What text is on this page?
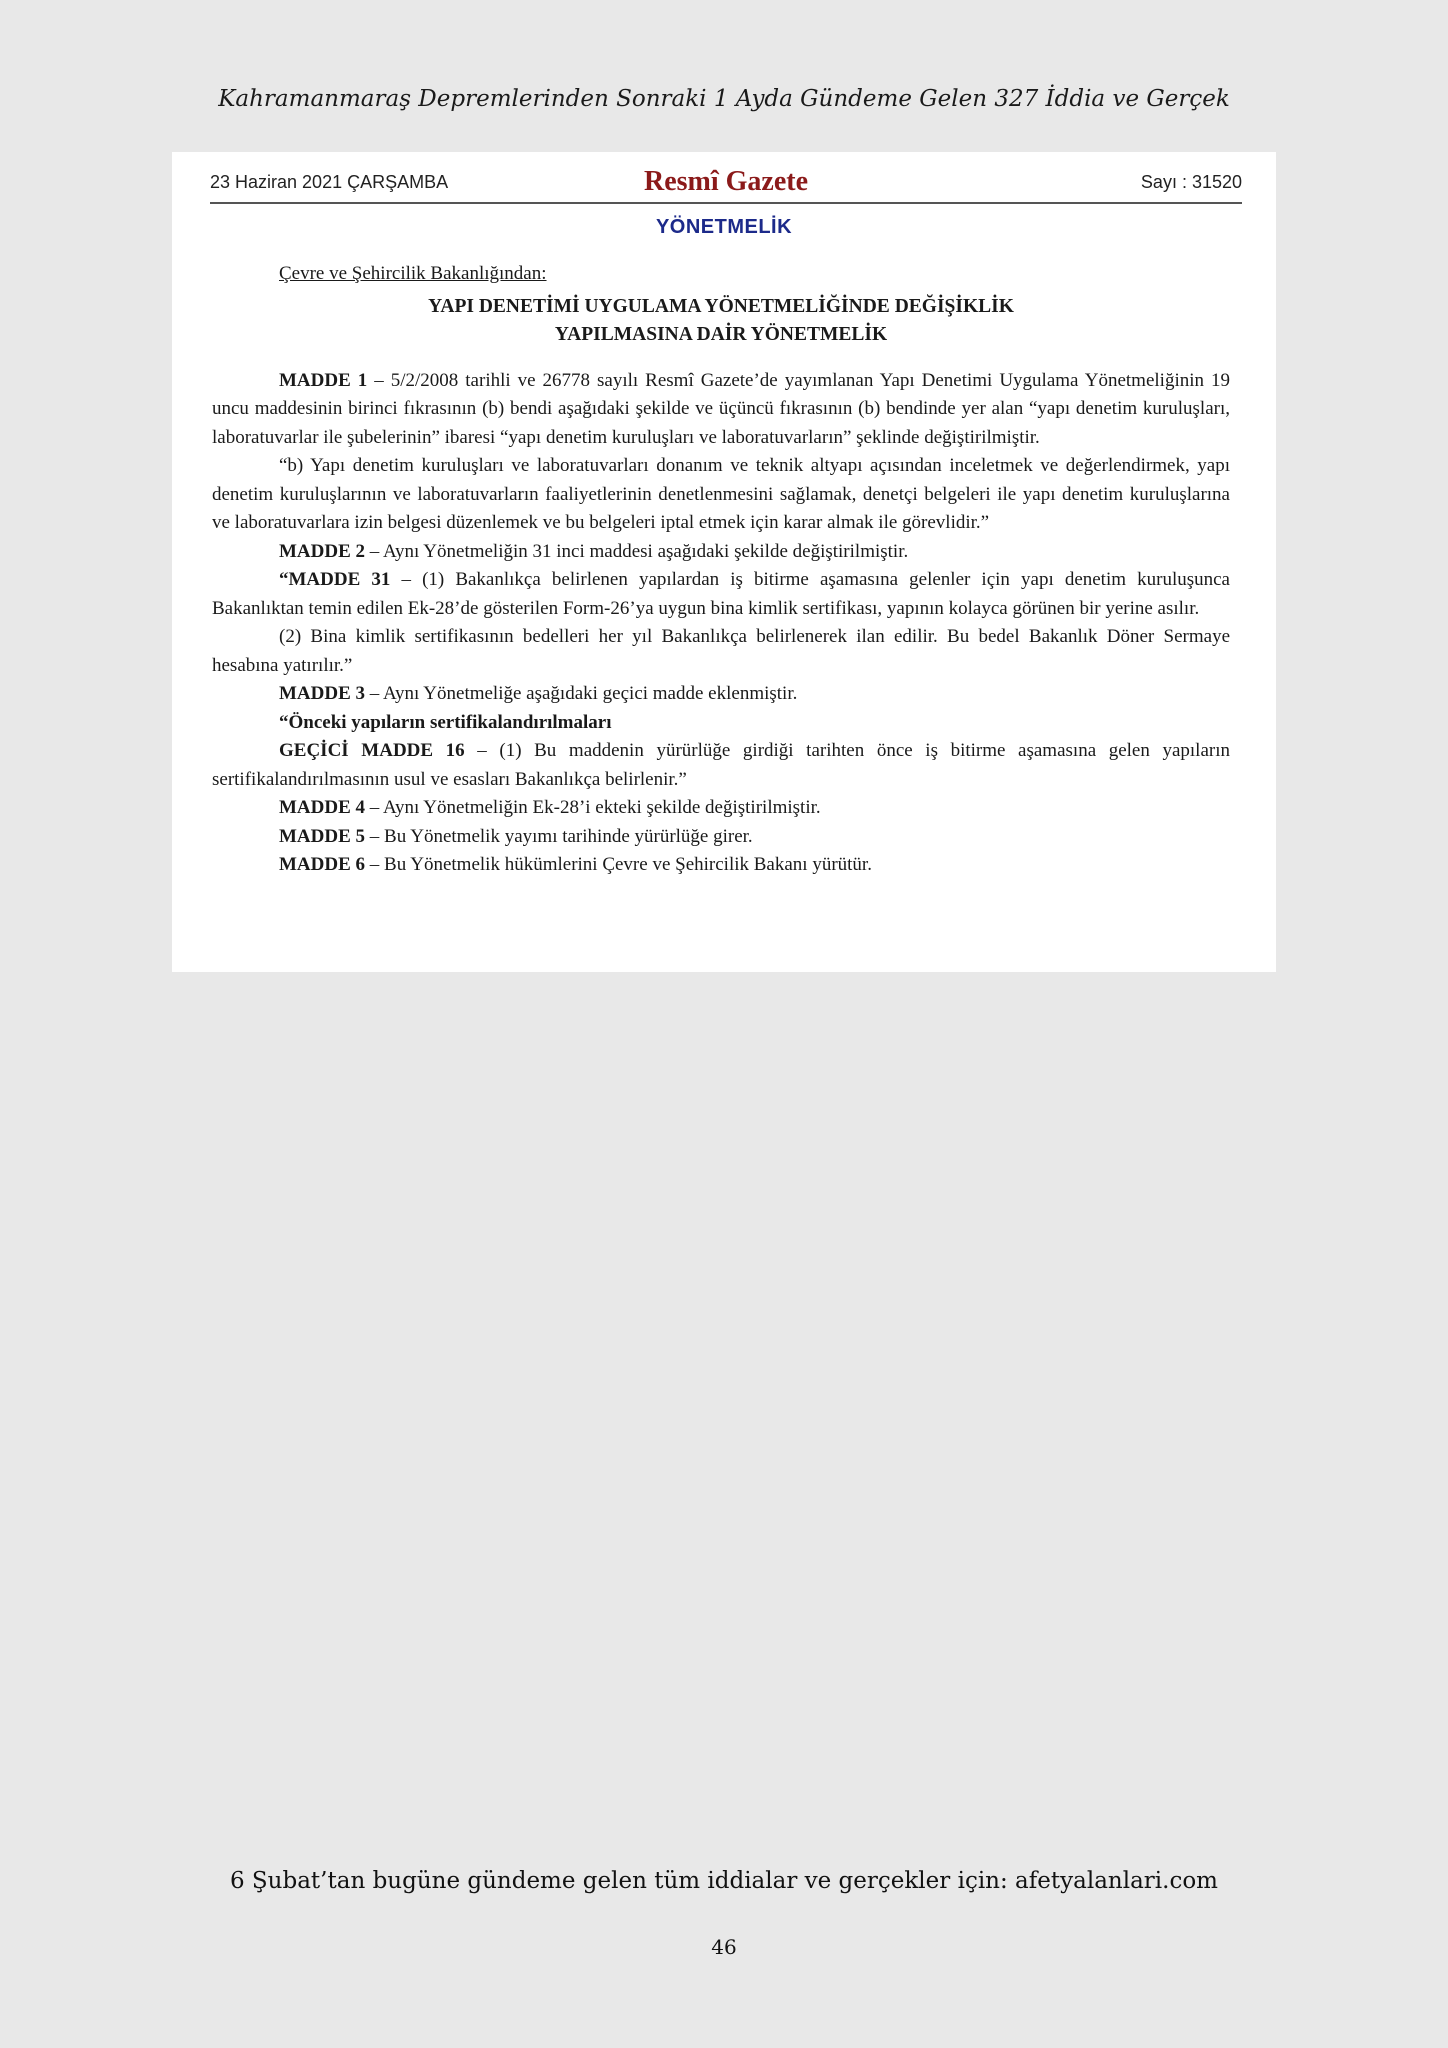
Kahramanmaraş Depremlerinden Sonraki 1 Ayda Gündeme Gelen 327 İddia ve Gerçek
23 Haziran 2021 ÇARŞAMBA	Resmî Gazete	Sayı : 31520
YÖNETMELİK
Çevre ve Şehircilik Bakanlığından:
YAPI DENETİMİ UYGULAMA YÖNETMELİĞİNDE DEĞİŞİKLİK
YAPILMASINA DAİR YÖNETMELİK

MADDE 1 – 5/2/2008 tarihli ve 26778 sayılı Resmî Gazete’de yayımlanan Yapı Denetimi Uygulama Yönetmeliğinin 19 uncu maddesinin birinci fıkrasının (b) bendi aşağıdaki şekilde ve üçüncü fıkrasının (b) bendinde yer alan “yapı denetim kuruluşları, laboratuvarlar ile şubelerinin” ibaresi “yapı denetim kuruluşları ve laboratuvarların” şeklinde değiştirilmiştir.

“b) Yapı denetim kuruluşları ve laboratuvarları donanım ve teknik altyapı açısından inceletmek ve değerlendirmek, yapı denetim kuruluşlarının ve laboratuvarların faaliyetlerinin denetlenmesini sağlamak, denetçi belgeleri ile yapı denetim kuruluşlarına ve laboratuvarlara izin belgesi düzenlemek ve bu belgeleri iptal etmek için karar almak ile görevlidir.”

MADDE 2 – Aynı Yönetmeliğin 31 inci maddesi aşağıdaki şekilde değiştirilmiştir.

“MADDE 31 – (1) Bakanlıkça belirlenen yapılardan iş bitirme aşamasına gelenler için yapı denetim kuruluşunca Bakanlıktan temin edilen Ek-28’de gösterilen Form-26’ya uygun bina kimlik sertifikası, yapının kolayca görünen bir yerine asılır.

(2) Bina kimlik sertifikasının bedelleri her yıl Bakanlıkça belirlenerek ilan edilir. Bu bedel Bakanlık Döner Sermaye hesabına yatırılır.”

MADDE 3 – Aynı Yönetmeliğe aşağıdaki geçici madde eklenmiştir.

“Önceki yapıların sertifikalandırılmaları

GEÇİCİ MADDE 16 – (1) Bu maddenin yürürlüğe girdiği tarihten önce iş bitirme aşamasına gelen yapıların sertifikalandırılmasının usul ve esasları Bakanlıkça belirlenir.”

MADDE 4 – Aynı Yönetmeliğin Ek-28’i ekteki şekilde değiştirilmiştir.

MADDE 5 – Bu Yönetmelik yayımı tarihinde yürürlüğe girer.

MADDE 6 – Bu Yönetmelik hükümlerini Çevre ve Şehircilik Bakanı yürütür.

6 Şubat’tan bugüne gündeme gelen tüm iddialar ve gerçekler için: afetyalanlari.com
46
